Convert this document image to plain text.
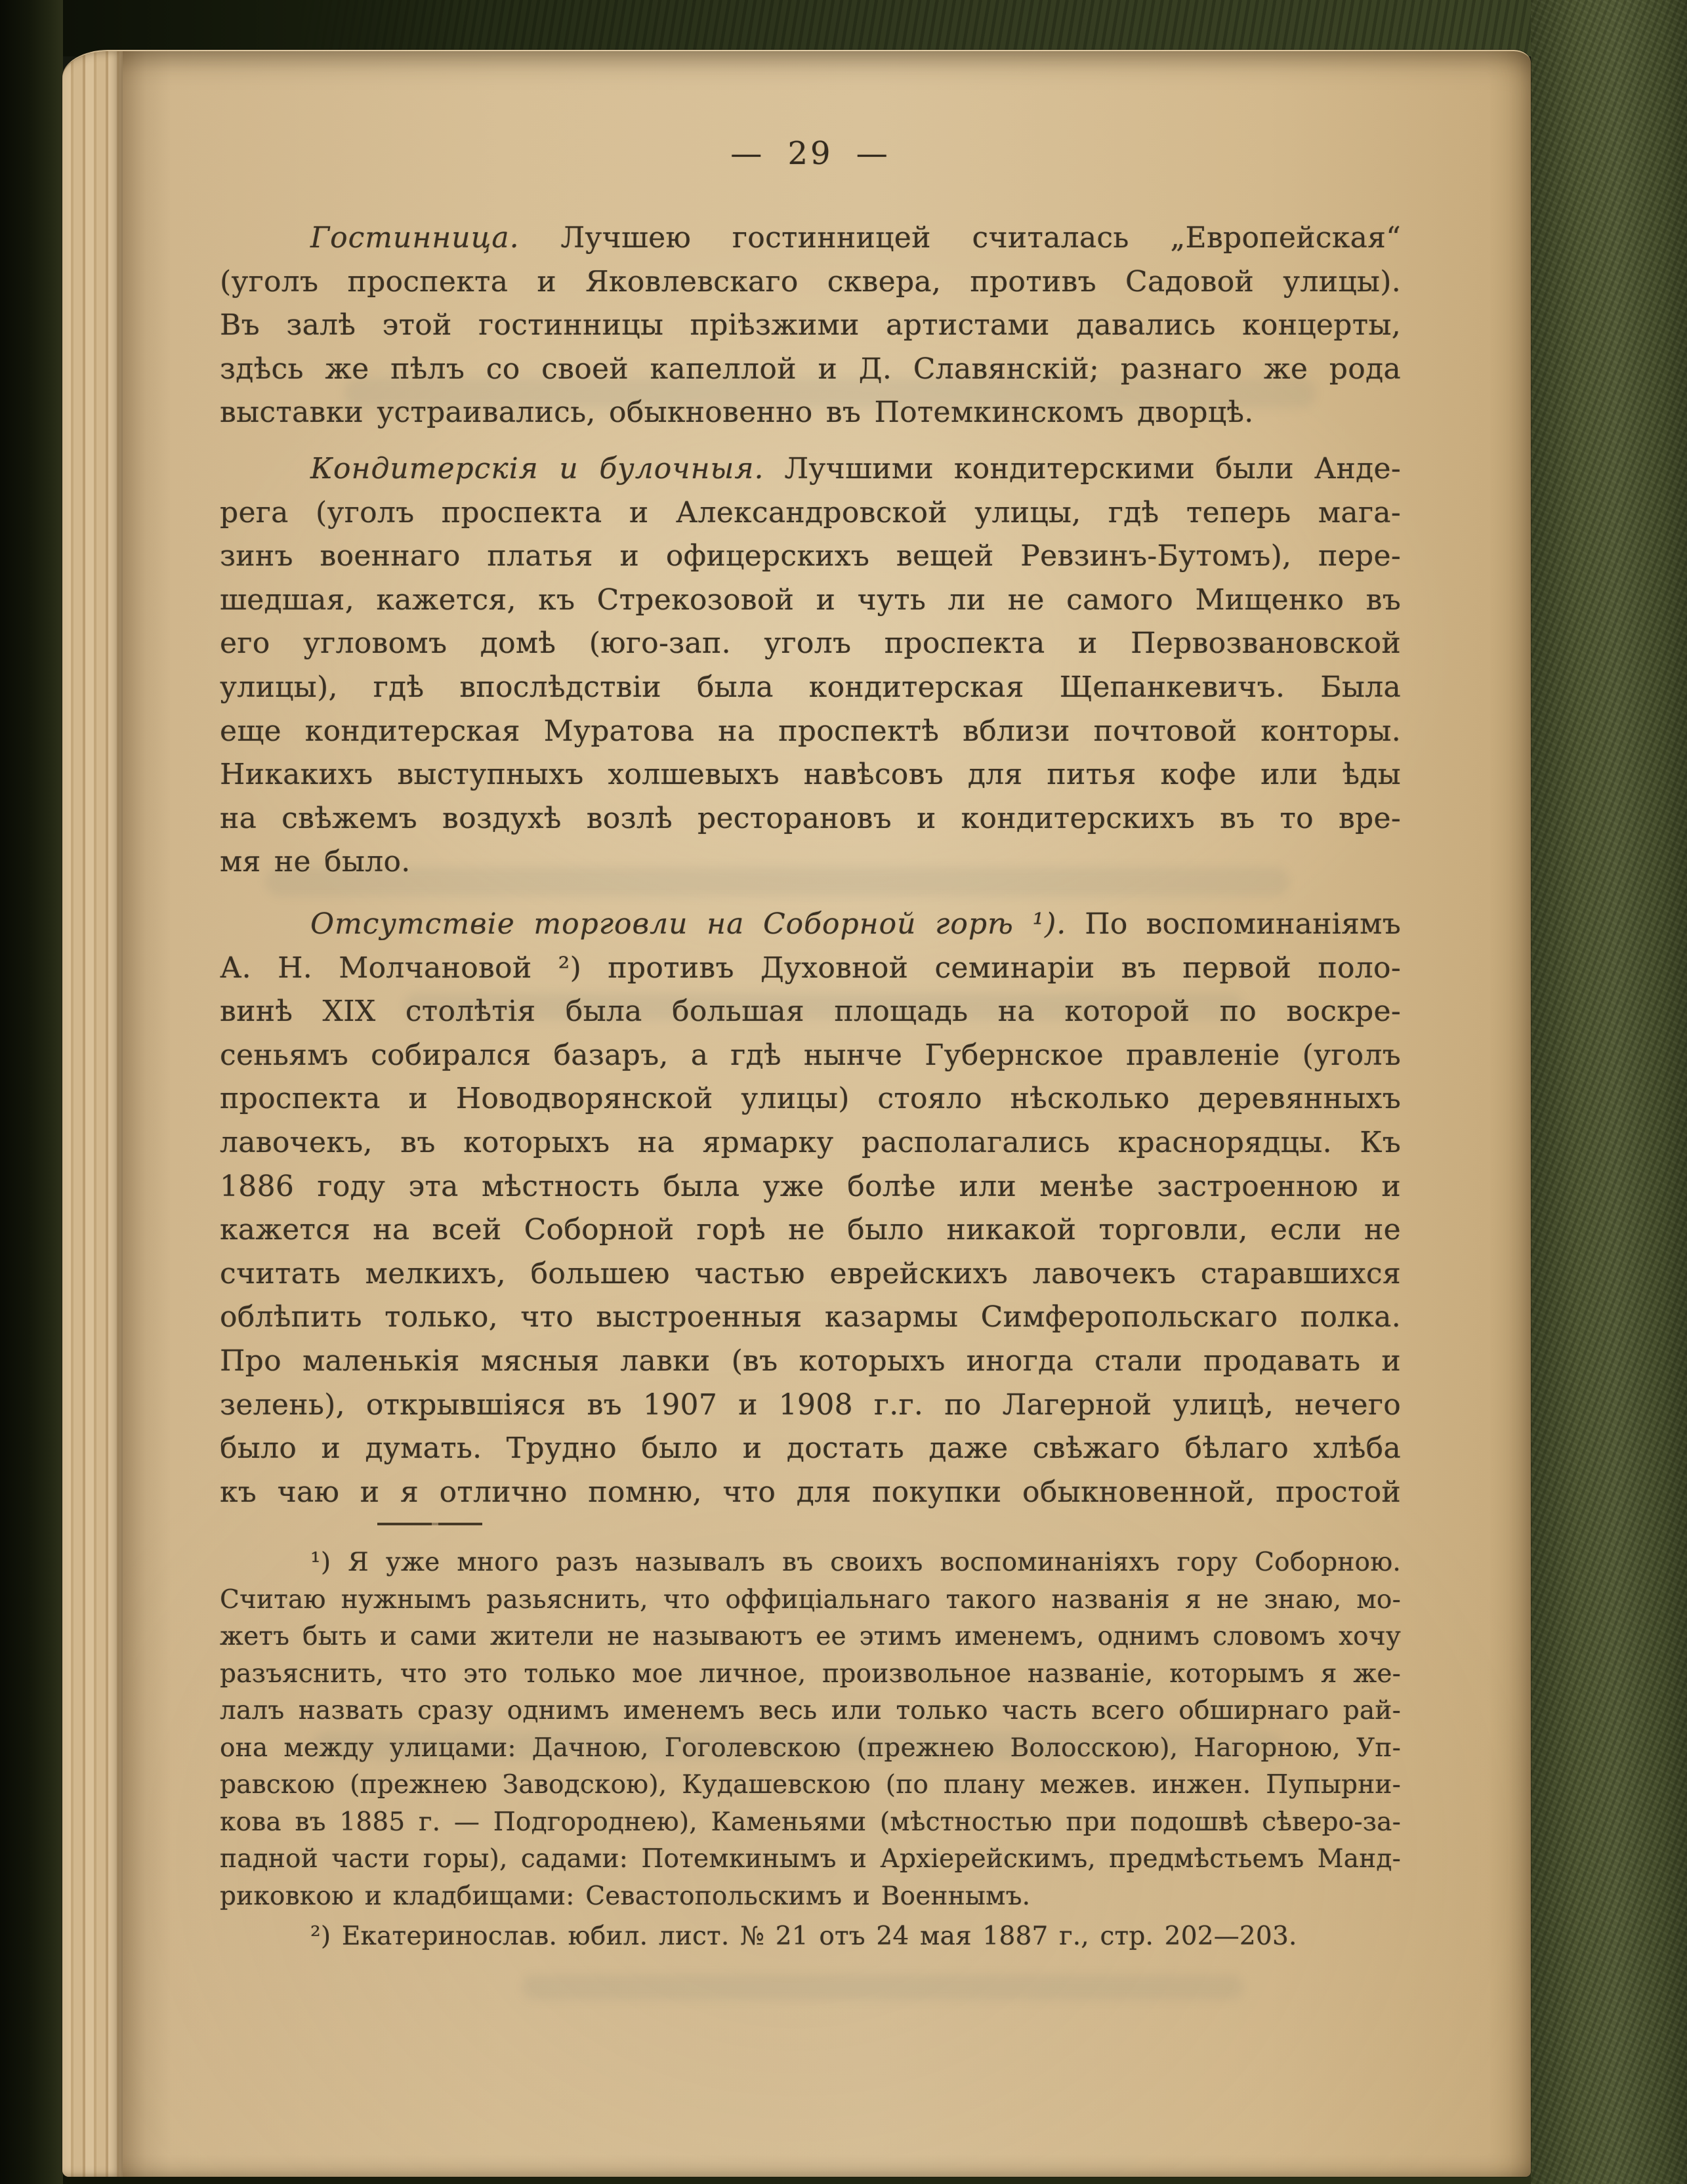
— 29 —
Гостинница. Лучшею гостинницей считалась „Европейская“
(уголъ проспекта и Яковлевскаго сквера, противъ Садовой улицы).
Въ залѣ этой гостинницы пріѣзжими артистами давались концерты,
здѣсь же пѣлъ со своей капеллой и Д. Славянскій; разнаго же рода
выставки устраивались, обыкновенно въ Потемкинскомъ дворцѣ.
Кондитерскія и булочныя. Лучшими кондитерскими были Анде-
рега (уголъ проспекта и Александровской улицы, гдѣ теперь мага-
зинъ военнаго платья и офицерскихъ вещей Ревзинъ-Бутомъ), пере-
шедшая, кажется, къ Стрекозовой и чуть ли не самого Мищенко въ
его угловомъ домѣ (юго-зап. уголъ проспекта и Первозвановской
улицы), гдѣ впослѣдствіи была кондитерская Щепанкевичъ. Была
еще кондитерская Муратова на проспектѣ вблизи почтовой конторы.
Никакихъ выступныхъ холшевыхъ навѣсовъ для питья кофе или ѣды
на свѣжемъ воздухѣ возлѣ ресторановъ и кондитерскихъ въ то вре-
мя не было.
Отсутствіе торговли на Соборной горѣ ¹). По воспоминаніямъ
А. Н. Молчановой ²) противъ Духовной семинаріи въ первой поло-
винѣ XIX столѣтія была большая площадь на которой по воскре-
сеньямъ собирался базаръ, а гдѣ нынче Губернское правленіе (уголъ
проспекта и Новодворянской улицы) стояло нѣсколько деревянныхъ
лавочекъ, въ которыхъ на ярмарку располагались краснорядцы. Къ
1886 году эта мѣстность была уже болѣе или менѣе застроенною и
кажется на всей Соборной горѣ не было никакой торговли, если не
считать мелкихъ, большею частью еврейскихъ лавочекъ старавшихся
облѣпить только, что выстроенныя казармы Симферопольскаго полка.
Про маленькія мясныя лавки (въ которыхъ иногда стали продавать и
зелень), открывшіяся въ 1907 и 1908 г.г. по Лагерной улицѣ, нечего
было и думать. Трудно было и достать даже свѣжаго бѣлаго хлѣба
къ чаю и я отлично помню, что для покупки обыкновенной, простой
¹) Я уже много разъ называлъ въ своихъ воспоминаніяхъ гору Соборною.
Считаю нужнымъ разьяснить, что оффиціальнаго такого названія я не знаю, мо-
жетъ быть и сами жители не называютъ ее этимъ именемъ, однимъ словомъ хочу
разъяснить, что это только мое личное, произвольное названіе, которымъ я же-
лалъ назвать сразу однимъ именемъ весь или только часть всего обширнаго рай-
она между улицами: Дачною, Гоголевскою (прежнею Волосскою), Нагорною, Уп-
равскою (прежнею Заводскою), Кудашевскою (по плану межев. инжен. Пупырни-
кова въ 1885 г. — Подгороднею), Каменьями (мѣстностью при подошвѣ сѣверо-за-
падной части горы), садами: Потемкинымъ и Архіерейскимъ, предмѣстьемъ Манд-
риковкою и кладбищами: Севастопольскимъ и Военнымъ.
²) Екатеринослав. юбил. лист. № 21 отъ 24 мая 1887 г., стр. 202—203.
